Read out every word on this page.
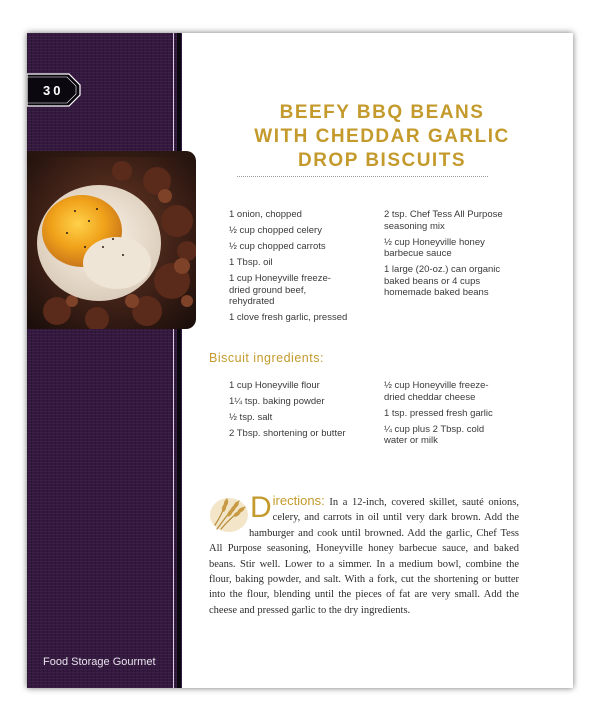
30
Food Storage Gourmet
BEEFY BBQ BEANS
WITH CHEDDAR GARLIC
DROP BISCUITS
1 onion, chopped
½ cup chopped celery
½ cup chopped carrots
1 Tbsp. oil
1 cup Honeyville freeze-dried ground beef, rehydrated
1 clove fresh garlic, pressed
2 tsp. Chef Tess All Purpose seasoning mix
½ cup Honeyville honey barbecue sauce
1 large (20-oz.) can organic baked beans or 4 cups homemade baked beans
Biscuit ingredients:
1 cup Honeyville flour
1¼ tsp. baking powder
½ tsp. salt
2 Tbsp. shortening or butter
½ cup Honeyville freeze-dried cheddar cheese
1 tsp. pressed fresh garlic
¼ cup plus 2 Tbsp. cold water or milk
D irections: In a 12-inch, covered skillet, sauté onions, celery, and carrots in oil until very dark brown. Add the hamburger and cook until browned. Add the garlic, Chef Tess All Purpose seasoning, Honeyville honey barbecue sauce, and baked beans. Stir well. Lower to a simmer. In a medium bowl, combine the flour, baking powder, and salt. With a fork, cut the shortening or butter into the flour, blending until the pieces of fat are very small. Add the cheese and pressed garlic to the dry ingredients.
